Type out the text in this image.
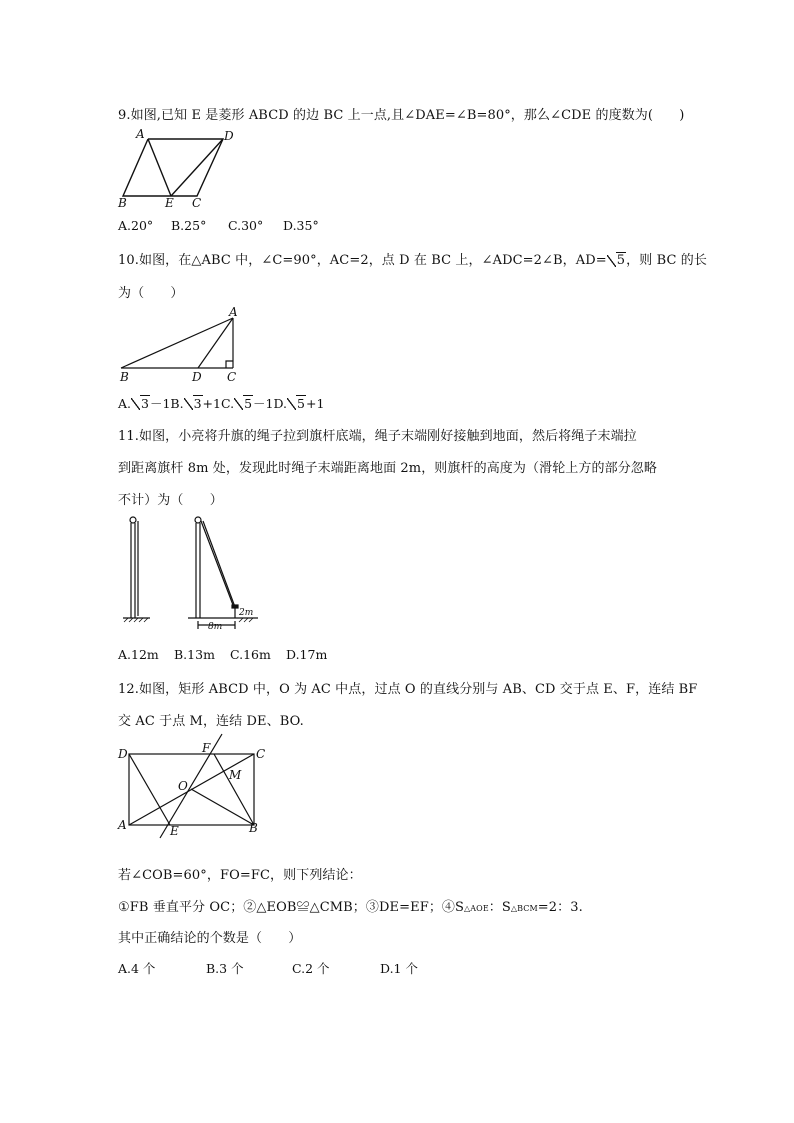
9.如图,已知 E 是菱形 ABCD 的边 BC 上一点,且∠DAE=∠B=80°，那么∠CDE 的度数为(　　)
A	D
B	E C
A.20° B.25° C.30° D.35°
10.如图，在△ABC 中，∠C=90°，AC=2，点 D 在 BC 上，∠ADC=2∠B，AD= 5，则 BC 的长
为（　　）
A
B	D C
A. 3－1B. 3+1C. 5－1D. 5+1
11.如图，小亮将升旗的绳子拉到旗杆底端，绳子末端刚好接触到地面，然后将绳子末端拉
到距离旗杆 8m 处，发现此时绳子末端距离地面 2m，则旗杆的高度为（滑轮上方的部分忽略
不计）为（　　）
8m
2m
A.12m B.13m C.16m D.17m
12.如图，矩形 ABCD 中，O 为 AC 中点，过点 O 的直线分别与 AB、CD 交于点 E、F，连结 BF
交 AC 于点 M，连结 DE、BO.
D	F	C
M
O
A	E	B
若∠COB=60°，FO=FC，则下列结论：
①FB 垂直平分 OC；②△EOB≌△CMB；③DE=EF；④S△AOE：S△BCM=2：3.
其中正确结论的个数是（　　）
A.4 个	B.3 个	C.2 个	D.1 个
